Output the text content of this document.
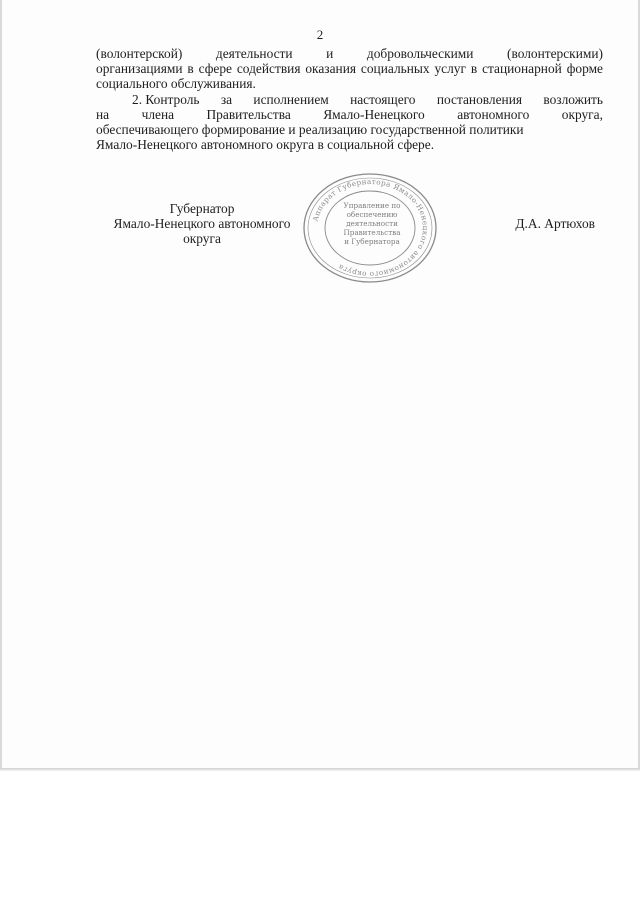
2
(волонтерской)	деятельности	и	добровольческими	(волонтерскими)

организациями в сфере содействия оказания социальных услуг в стационарной форме социального обслуживания.

2. Контроль за исполнением настоящего постановления возложить
на члена Правительства Ямало-Ненецкого автономного округа,
обеспечивающего формирование и реализацию государственной политики

Ямало-Ненецкого автономного округа в социальной сфере.

Губернатор
Ямало-Ненецкого автономного округа
Аппарат Губернатора Ямало-Ненецкого автономного округа
Управление по
обеспечению
деятельности
Правительства
и Губернатора
Д.А. Артюхов
